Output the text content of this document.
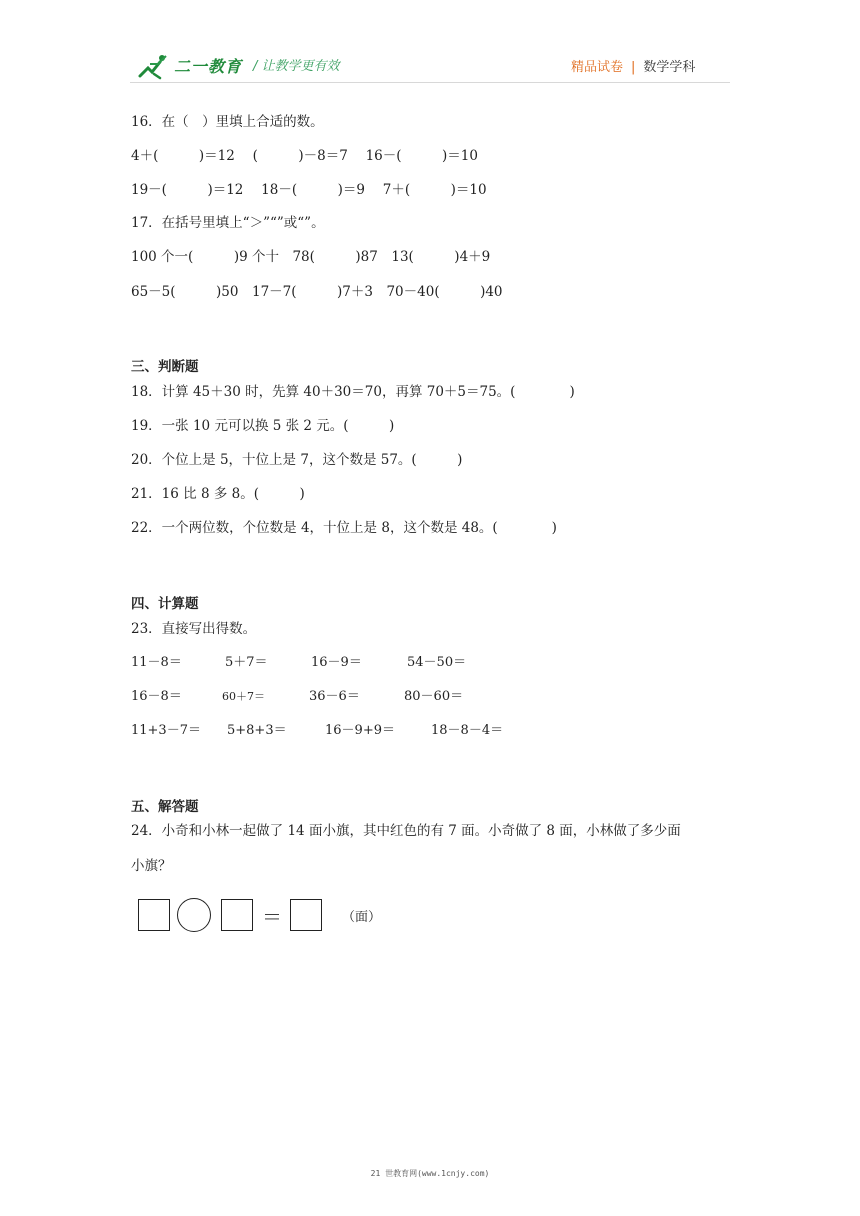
二一教育 / 让教学更有效	精品试卷 | 数学学科
16．在（　）里填上合适的数。
4＋(　　　)＝12　 (　　　)－8＝7　 16－(　　　)＝10
19－(　　　)＝12　 18－(　　　)＝9　 7＋(　　　)＝10
17．在括号里填上“＞”“”或“”。
100 个一(　　　)9 个十　78(　　　)87　13(　　　)4＋9
65－5(　　　)50　17－7(　　　)7＋3　70－40(　　　)40
三、判断题
18．计算 45＋30 时，先算 40＋30＝70，再算 70＋5＝75。(　　　　)
19．一张 10 元可以换 5 张 2 元。(　　　)
20．个位上是 5，十位上是 7，这个数是 57。(　　　)
21．16 比 8 多 8。(　　　)
22．一个两位数，个位数是 4，十位上是 8，这个数是 48。(　　　　)
四、计算题
23．直接写出得数。
11－8＝	5＋7＝	16－9＝	54－50＝
16－8＝	60＋7＝	36－6＝	80－60＝
11+3－7＝ 5+8+3＝	16－9+9＝	18－8－4＝
五、解答题
24．小奇和小林一起做了 14 面小旗，其中红色的有 7 面。小奇做了 8 面，小林做了多少面
小旗？
＝	（面）
21 世教育网(www.1cnjy.com)
